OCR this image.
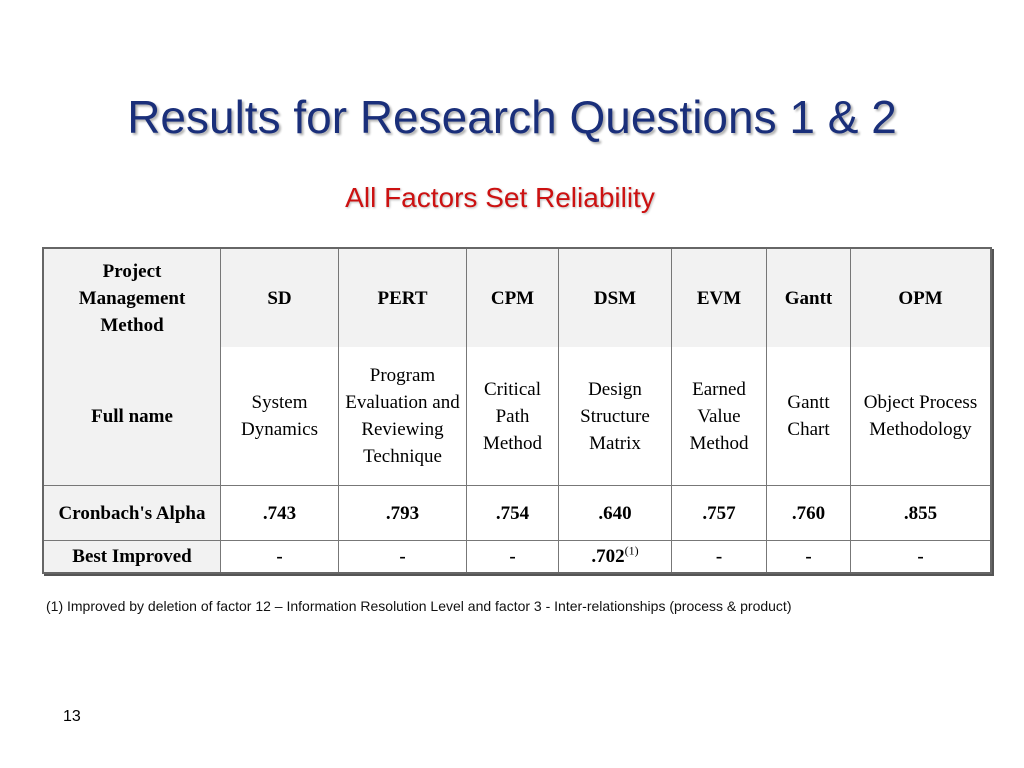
Results for Research Questions 1 & 2
All Factors Set Reliability
Project Management Method	SD	PERT	CPM	DSM	EVM	Gantt	OPM
Full name	System Dynamics	Program Evaluation and Reviewing Technique	Critical Path Method	Design Structure Matrix	Earned Value Method	Gantt Chart	Object Process Methodology
Cronbach's Alpha	.743	.793	.754	.640	.757	.760	.855
Best Improved	-	-	-	.702$^{(1)}$	-	-	-

(1) Improved by deletion of factor 12 – Information Resolution Level and factor 3 - Inter-relationships (process & product)

13
